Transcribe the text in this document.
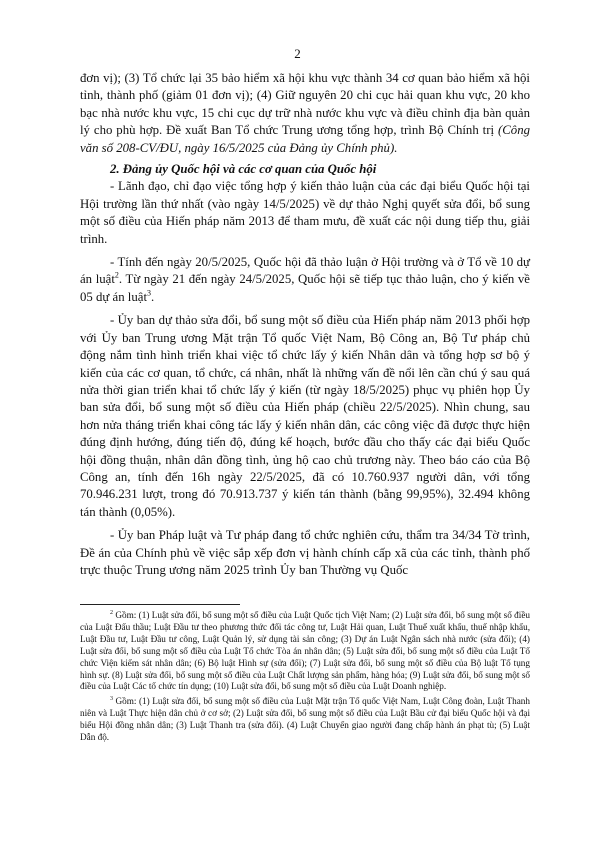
2

đơn vị); (3) Tổ chức lại 35 bảo hiểm xã hội khu vực thành 34 cơ quan bảo hiểm xã hội tỉnh, thành phố (giảm 01 đơn vị); (4) Giữ nguyên 20 chi cục hải quan khu vực, 20 kho bạc nhà nước khu vực, 15 chi cục dự trữ nhà nước khu vực và điều chỉnh địa bàn quản lý cho phù hợp. Đề xuất Ban Tổ chức Trung ương tổng hợp, trình Bộ Chính trị (Công văn số 208-CV/ĐU, ngày 16/5/2025 của Đảng ủy Chính phủ).

2. Đảng ủy Quốc hội và các cơ quan của Quốc hội

- Lãnh đạo, chỉ đạo việc tổng hợp ý kiến thảo luận của các đại biểu Quốc hội tại Hội trường lần thứ nhất (vào ngày 14/5/2025) về dự thảo Nghị quyết sửa đổi, bổ sung một số điều của Hiến pháp năm 2013 để tham mưu, đề xuất các nội dung tiếp thu, giải trình.

- Tính đến ngày 20/5/2025, Quốc hội đã thảo luận ở Hội trường và ở Tổ về 10 dự án luật$^2$. Từ ngày 21 đến ngày 24/5/2025, Quốc hội sẽ tiếp tục thảo luận, cho ý kiến về 05 dự án luật$^3$.

- Ủy ban dự thảo sửa đổi, bổ sung một số điều của Hiến pháp năm 2013 phối hợp với Ủy ban Trung ương Mặt trận Tổ quốc Việt Nam, Bộ Công an, Bộ Tư pháp chủ động nắm tình hình triển khai việc tổ chức lấy ý kiến Nhân dân và tổng hợp sơ bộ ý kiến của các cơ quan, tổ chức, cá nhân, nhất là những vấn đề nổi lên cần chú ý sau quá nửa thời gian triển khai tổ chức lấy ý kiến (từ ngày 18/5/2025) phục vụ phiên họp Ủy ban sửa đổi, bổ sung một số điều của Hiến pháp (chiều 22/5/2025). Nhìn chung, sau hơn nửa tháng triển khai công tác lấy ý kiến nhân dân, các công việc đã được thực hiện đúng định hướng, đúng tiến độ, đúng kế hoạch, bước đầu cho thấy các đại biểu Quốc hội đồng thuận, nhân dân đồng tình, ủng hộ cao chủ trương này. Theo báo cáo của Bộ Công an, tính đến 16h ngày 22/5/2025, đã có 10.760.937 người dân, với tổng 70.946.231 lượt, trong đó 70.913.737 ý kiến tán thành (bằng 99,95%), 32.494 không tán thành (0,05%).

- Ủy ban Pháp luật và Tư pháp đang tổ chức nghiên cứu, thẩm tra 34/34 Tờ trình, Đề án của Chính phủ về việc sắp xếp đơn vị hành chính cấp xã của các tỉnh, thành phố trực thuộc Trung ương năm 2025 trình Ủy ban Thường vụ Quốc

$^2$ Gồm: (1) Luật sửa đổi, bổ sung một số điều của Luật Quốc tịch Việt Nam; (2) Luật sửa đổi, bổ sung một số điều của Luật Đấu thầu; Luật Đầu tư theo phương thức đối tác công tư, Luật Hải quan, Luật Thuế xuất khẩu, thuế nhập khẩu, Luật Đầu tư, Luật Đầu tư công, Luật Quản lý, sử dụng tài sản công; (3) Dự án Luật Ngân sách nhà nước (sửa đổi); (4) Luật sửa đổi, bổ sung một số điều của Luật Tổ chức Tòa án nhân dân; (5) Luật sửa đổi, bổ sung một số điều của Luật Tổ chức Viện kiểm sát nhân dân; (6) Bộ luật Hình sự (sửa đổi); (7) Luật sửa đổi, bổ sung một số điều của Bộ luật Tố tụng hình sự. (8) Luật sửa đổi, bổ sung một số điều của Luật Chất lượng sản phẩm, hàng hóa; (9) Luật sửa đổi, bổ sung một số điều của Luật Các tổ chức tín dụng; (10) Luật sửa đổi, bổ sung một số điều của Luật Doanh nghiệp.

$^3$ Gồm: (1) Luật sửa đổi, bổ sung một số điều của Luật Mặt trận Tổ quốc Việt Nam, Luật Công đoàn, Luật Thanh niên và Luật Thực hiện dân chủ ở cơ sở; (2) Luật sửa đổi, bổ sung một số điều của Luật Bầu cử đại biểu Quốc hội và đại biểu Hội đồng nhân dân; (3) Luật Thanh tra (sửa đổi). (4) Luật Chuyển giao người đang chấp hành án phạt tù; (5) Luật Dẫn độ.
